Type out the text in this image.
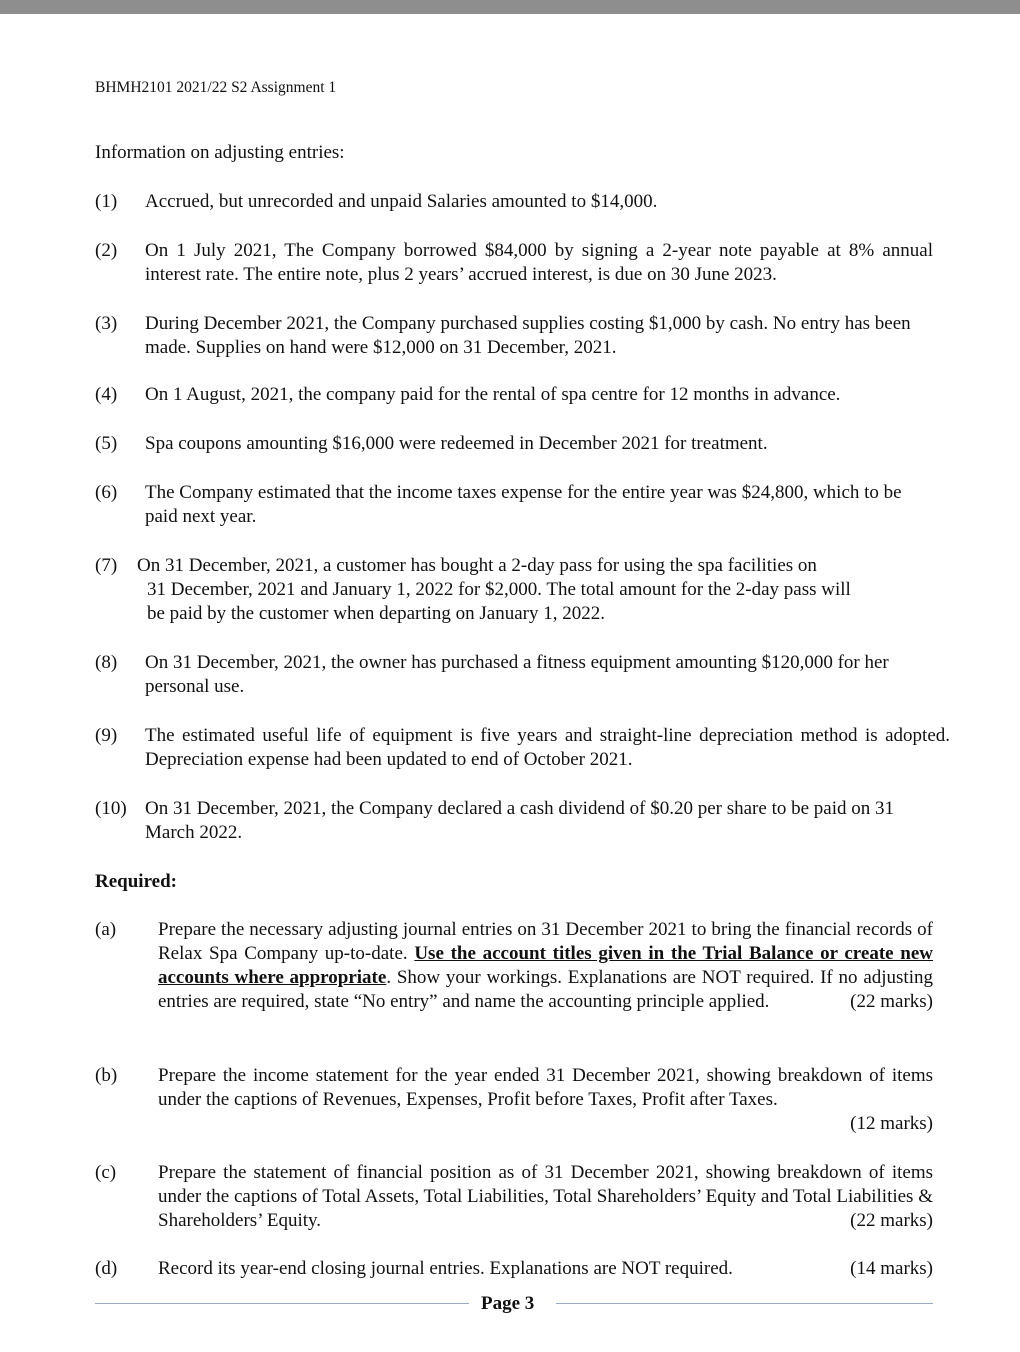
BHMH2101 2021/22 S2 Assignment 1
Information on adjusting entries:
(1) Accrued, but unrecorded and unpaid Salaries amounted to $14,000.
(2) On 1 July 2021, The Company borrowed $84,000 by signing a 2-year note payable at 8% annual interest rate. The entire note, plus 2 years’ accrued interest, is due on 30 June 2023.
(3) During December 2021, the Company purchased supplies costing $1,000 by cash. No entry has been made. Supplies on hand were $12,000 on 31 December, 2021.
(4) On 1 August, 2021, the company paid for the rental of spa centre for 12 months in advance.
(5) Spa coupons amounting $16,000 were redeemed in December 2021 for treatment.
(6) The Company estimated that the income taxes expense for the entire year was $24,800, which to be paid next year.
(7) On 31 December, 2021, a customer has bought a 2-day pass for using the spa facilities on
31 December, 2021 and January 1, 2022 for $2,000. The total amount for the 2-day pass will
be paid by the customer when departing on January 1, 2022.
(8) On 31 December, 2021, the owner has purchased a fitness equipment amounting $120,000 for her personal use.
(9) The estimated useful life of equipment is five years and straight-line depreciation method is adopted. Depreciation expense had been updated to end of October 2021.
(10) On 31 December, 2021, the Company declared a cash dividend of $0.20 per share to be paid on 31 March 2022.
Required:
(a) Prepare the necessary adjusting journal entries on 31 December 2021 to bring the financial records of Relax Spa Company up-to-date. Use the account titles given in the Trial Balance or create new accounts where appropriate. Show your workings. Explanations are NOT required. If no adjusting entries are required, state “No entry” and name the accounting principle applied.	(22 marks)
(b) Prepare the income statement for the year ended 31 December 2021, showing breakdown of items under the captions of Revenues, Expenses, Profit before Taxes, Profit after Taxes.
(12 marks)
(c) Prepare the statement of financial position as of 31 December 2021, showing breakdown of items under the captions of Total Assets, Total Liabilities, Total Shareholders’ Equity and Total Liabilities & Shareholders’ Equity.	(22 marks)
(d) Record its year-end closing journal entries. Explanations are NOT required.	(14 marks)
Page 3
